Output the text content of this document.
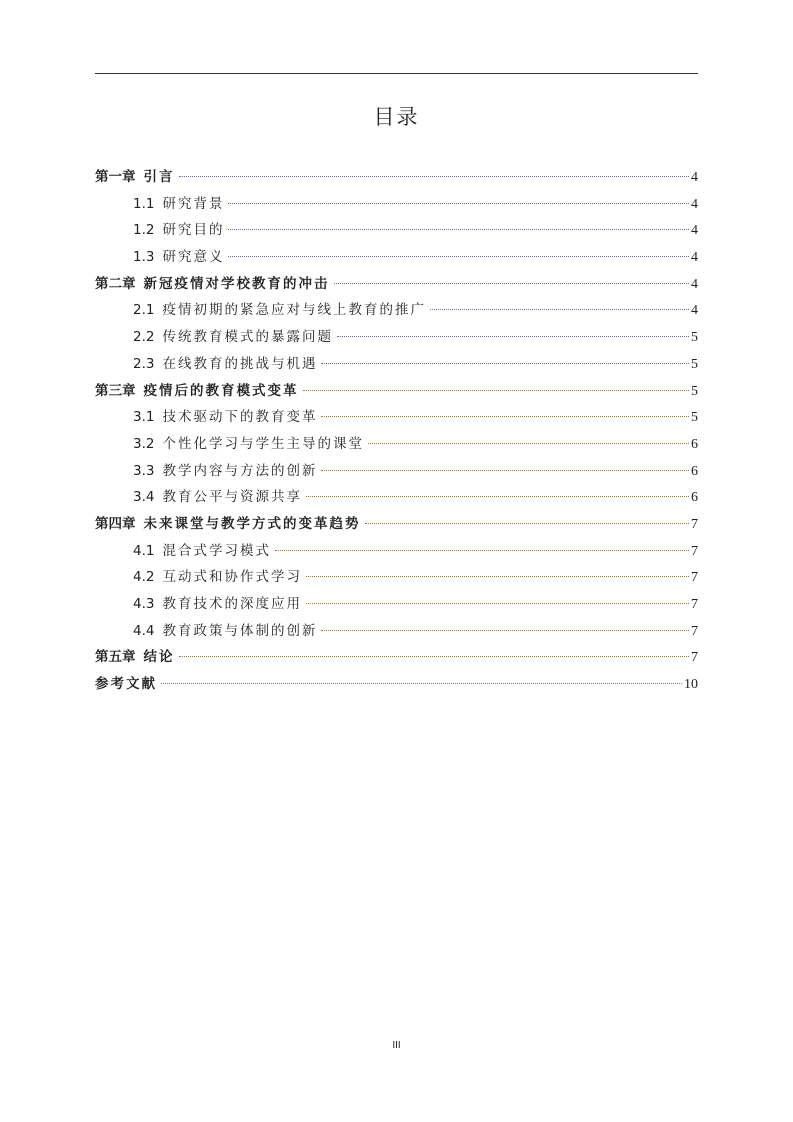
目录
第一章 引言	4
1.1 研究背景	4
1.2 研究目的	4
1.3 研究意义	4
第二章 新冠疫情对学校教育的冲击	4
2.1 疫情初期的紧急应对与线上教育的推广	4
2.2 传统教育模式的暴露问题	5
2.3 在线教育的挑战与机遇	5
第三章 疫情后的教育模式变革	5
3.1 技术驱动下的教育变革	5
3.2 个性化学习与学生主导的课堂	6
3.3 教学内容与方法的创新	6
3.4 教育公平与资源共享	6
第四章 未来课堂与教学方式的变革趋势	7
4.1 混合式学习模式	7
4.2 互动式和协作式学习	7
4.3 教育技术的深度应用	7
4.4 教育政策与体制的创新	7
第五章 结论	7
参考文献	10
III
